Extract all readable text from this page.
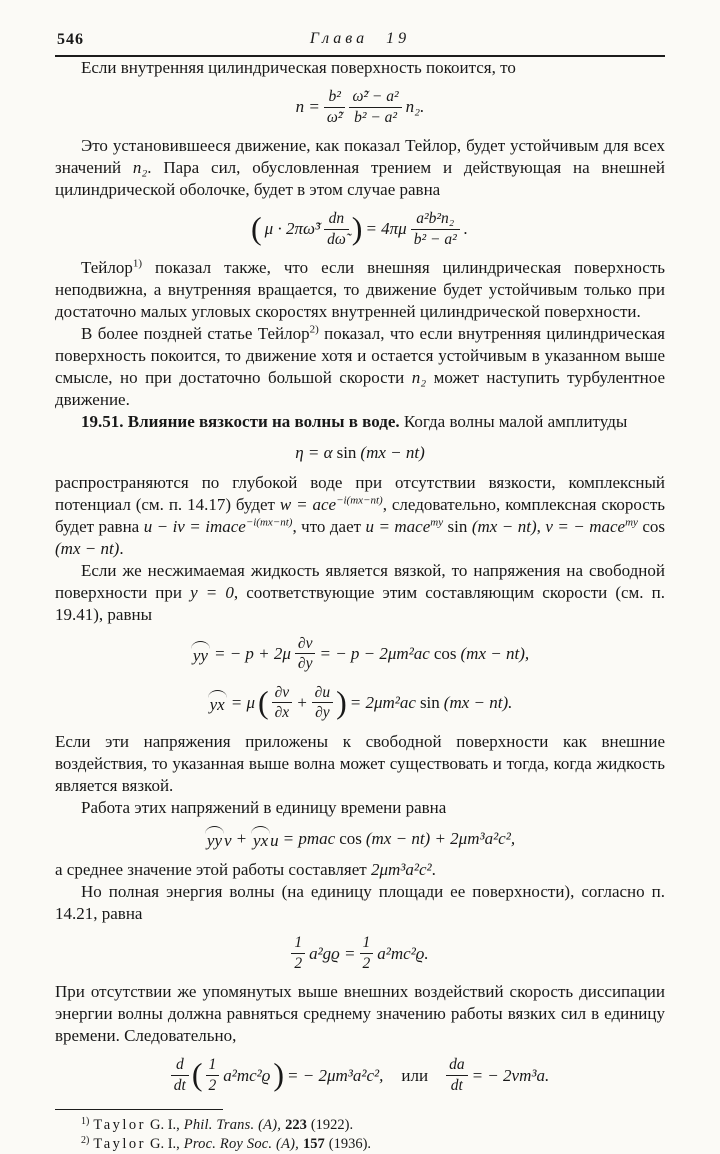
546	Глава 19

Если внутренняя цилиндрическая поверхность покоится, то

$n = \frac{\text{b²}}{\text{ω̃²}} \frac{\text{ω̃² − a²}}{\text{b² − a²}} n_2$.

Это установившееся движение, как показал Тейлор, будет устойчивым для всех значений n₂. Пара сил, обусловленная трением и действующая на внешней цилиндрической оболочке, будет в этом случае равна

( μ · 2πω̃³ $\frac{dn}{d\omegã}$ ) = $4\pi\mu \frac{\text{a²b²n₂}}{\text{b² − a²}}$ .

Тейлор$^{1)}$ показал также, что если внешняя цилиндрическая поверхность неподвижна, а внутренняя вращается, то движение будет устойчивым только при достаточно малых угловых скоростях внутренней цилиндрической поверхности.

В более поздней статье Тейлор$^{2)}$ показал, что если внутренняя цилиндрическая поверхность покоится, то движение хотя и остается устойчивым в указанном выше смысле, но при достаточно большой скорости n₂ может наступить турбулентное движение.

19.51. Влияние вязкости на волны в воде. Когда волны малой амплитуды

η = α sin (mx − nt)

распространяются по глубокой воде при отсутствии вязкости, комплексный потенциал (см. п. 14.17) будет w = ace$^{-i(mx-nt)}$, следовательно, комплексная скорость будет равна u − iv = imace$^{-i(mx-nt)}$, что дает u = mace$^{my}$ sin (mx − nt), v = − mace$^{my}$ cos (mx − nt).

Если же несжимаемая жидкость является вязкой, то напряжения на свободной поверхности при y = 0, соответствующие этим составляющим скорости (см. п. 19.41), равны

yy = − $p + 2\mu \frac{\partial v}{\partial y}$ = − p − 2μm²ac cos (mx − nt),
yx = $\mu( \frac{\partial v}{\partial x} + \frac{\partial u}{\partial y}$ ) = 2μm²ac sin (mx − nt).

Если эти напряжения приложены к свободной поверхности как внешние воздействия, то указанная выше волна может существовать и тогда, когда жидкость является вязкой.

Работа этих напряжений в единицу времени равна

yy v + yx u = pmac cos (mx − nt) + 2μm³a²c²,

а среднее значение этой работы составляет 2μm³a²c².

Но полная энергия волны (на единицу площади ее поверхности), согласно п. 14.21, равна

$\frac{1}{2} a^2gϱ = \frac{1}{2} a^2mc^2ϱ$.

При отсутствии же упомянутых выше внешних воздействий скорость диссипации энергии волны должна равняться среднему значению работы вязких сил в единицу времени. Следовательно,

$\frac{d}{dt}$ ( $\frac{1}{2} a^2mc^2ϱ$) = − 2μm³a²c², или $\frac{da}{dt}$ = − 2νm³a.
$^{1)}$ Taylor G. I., Phil. Trans. (A), 223 (1922).
$^{2)}$ Taylor G. I., Proc. Roy Soc. (A), 157 (1936).
